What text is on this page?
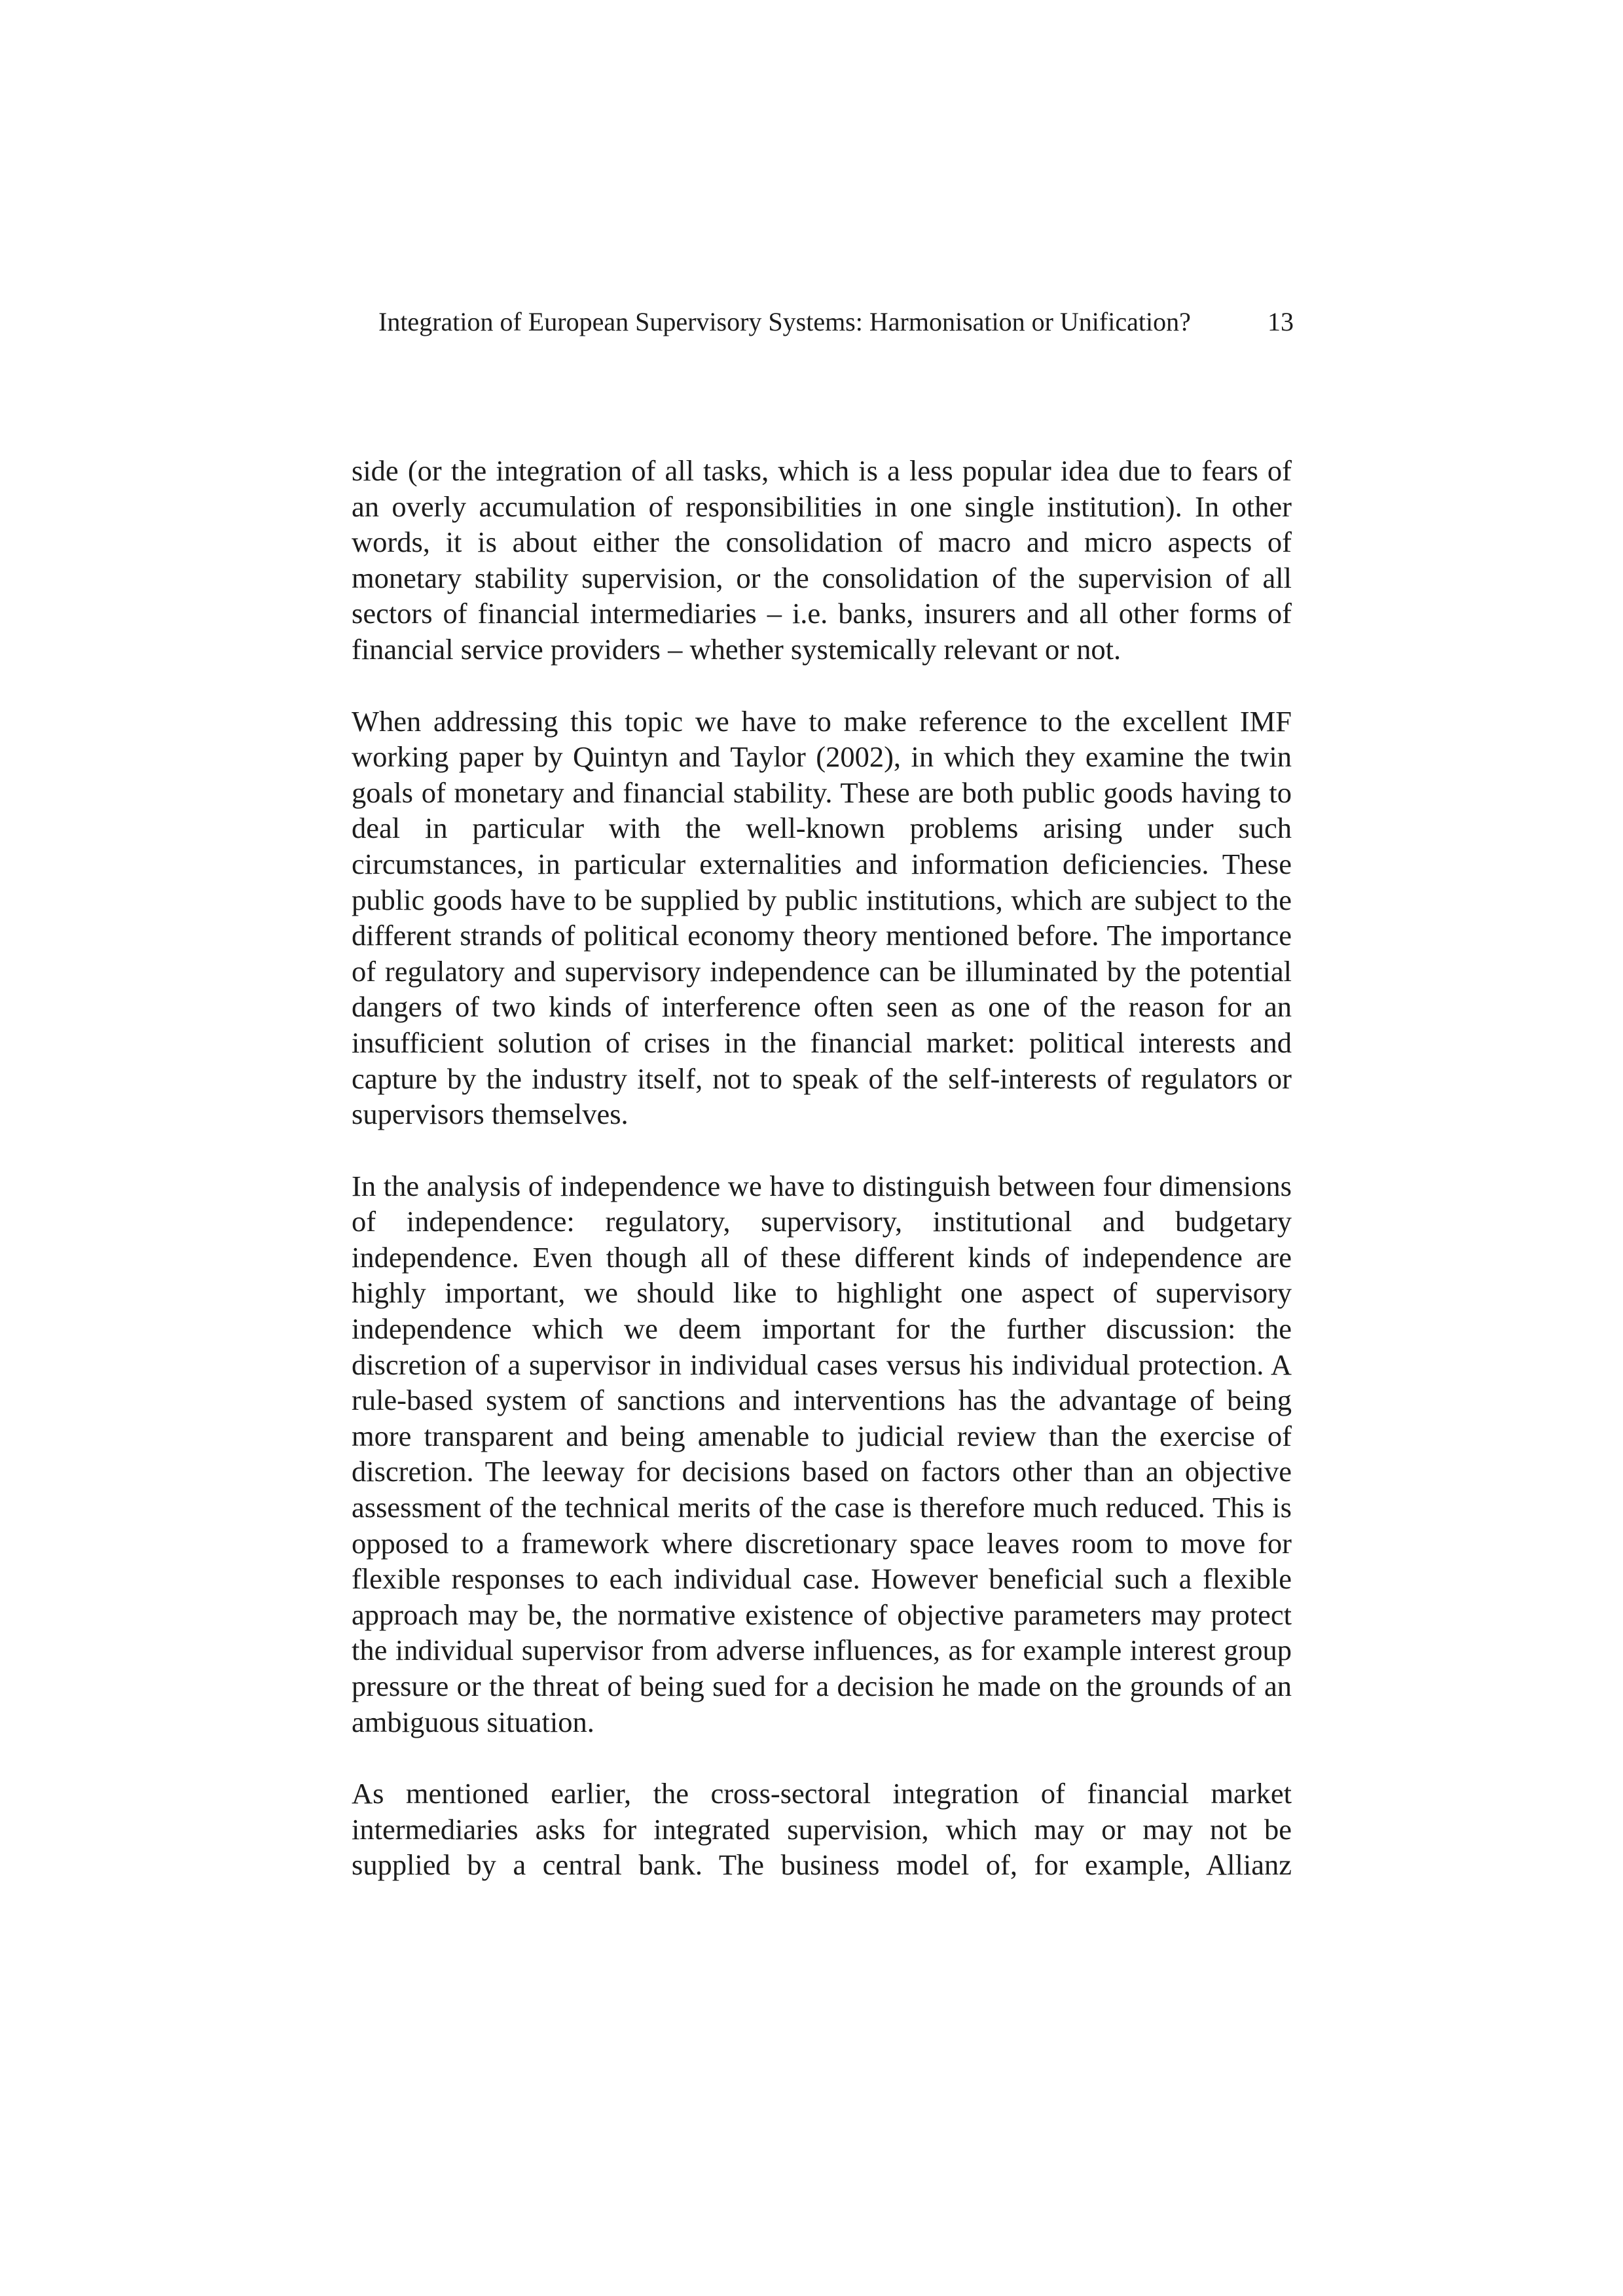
Integration of European Supervisory Systems: Harmonisation or Unification?	13

side (or the integration of all tasks, which is a less popular idea due to fears of an overly accumulation of responsibilities in one single institution). In other words, it is about either the consolidation of macro and micro aspects of monetary stability supervision, or the consolidation of the supervision of all sectors of financial intermediaries – i.e. banks, insurers and all other forms of financial service providers – whether systemically relevant or not.

When addressing this topic we have to make reference to the excellent IMF working paper by Quintyn and Taylor (2002), in which they examine the twin goals of monetary and financial stability. These are both public goods having to deal in particular with the well-known problems arising under such circumstances, in particular externalities and information deficiencies. These public goods have to be supplied by public institutions, which are subject to the different strands of political economy theory mentioned before. The importance of regulatory and supervisory independence can be illuminated by the potential dangers of two kinds of interference often seen as one of the reason for an insufficient solution of crises in the financial market: political interests and capture by the industry itself, not to speak of the self-interests of regulators or supervisors themselves.

In the analysis of independence we have to distinguish between four dimensions of independence: regulatory, supervisory, institutional and budgetary independence. Even though all of these different kinds of independence are highly important, we should like to highlight one aspect of supervisory independence which we deem important for the further discussion: the discretion of a supervisor in individual cases versus his individual protection. A rule-based system of sanctions and interventions has the advantage of being more transparent and being amenable to judicial review than the exercise of discretion. The leeway for decisions based on factors other than an objective assessment of the technical merits of the case is therefore much reduced. This is opposed to a framework where discretionary space leaves room to move for flexible responses to each individual case. However beneficial such a flexible approach may be, the normative existence of objective parameters may protect the individual supervisor from adverse influences, as for example interest group pressure or the threat of being sued for a decision he made on the grounds of an ambiguous situation.

As mentioned earlier, the cross-sectoral integration of financial market intermediaries asks for integrated supervision, which may or may not be supplied by a central bank. The business model of, for example, Allianz
